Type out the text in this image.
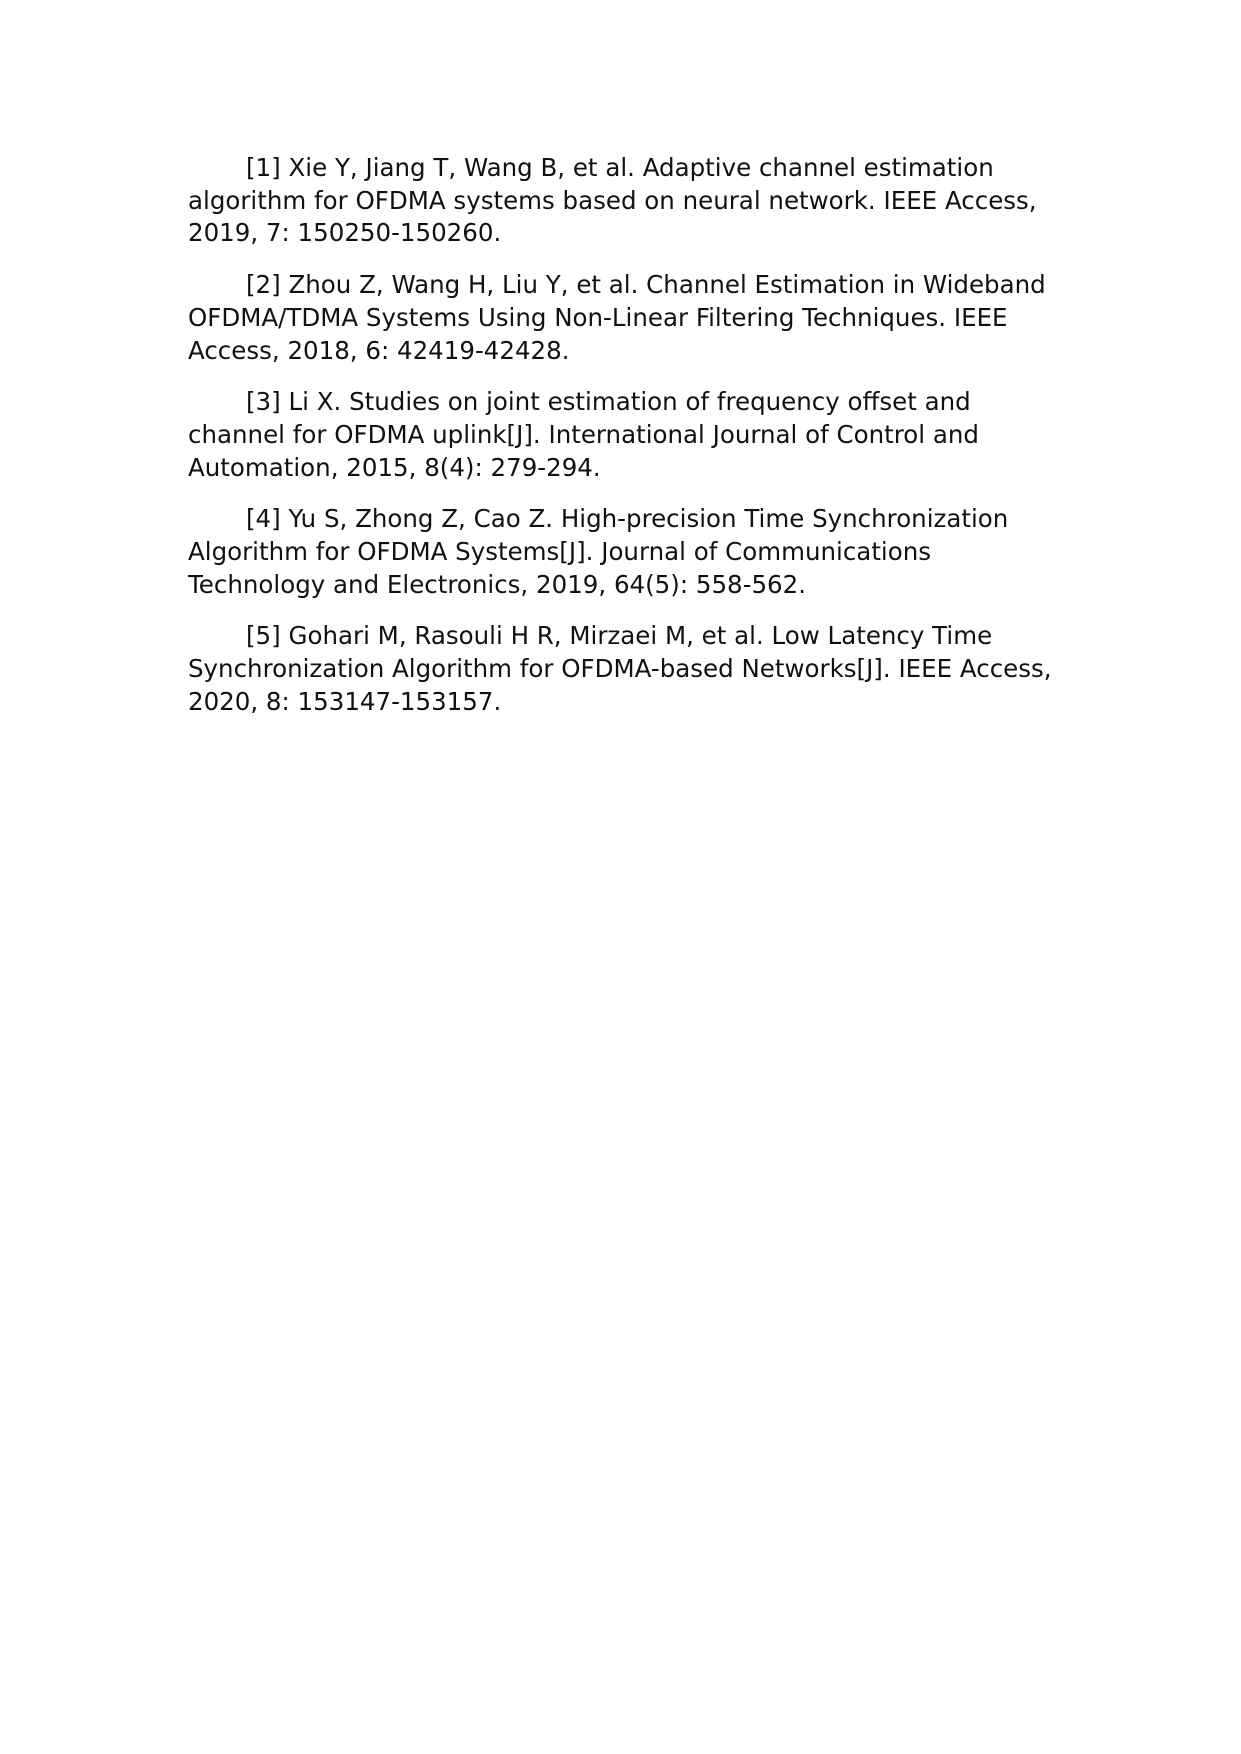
[1] Xie Y, Jiang T, Wang B, et al. Adaptive channel estimation algorithm for OFDMA systems based on neural network. IEEE Access, 2019, 7: 150250-150260.

[2] Zhou Z, Wang H, Liu Y, et al. Channel Estimation in Wideband OFDMA/TDMA Systems Using Non-Linear Filtering Techniques. IEEE Access, 2018, 6: 42419-42428.

[3] Li X. Studies on joint estimation of frequency offset and channel for OFDMA uplink[J]. International Journal of Control and Automation, 2015, 8(4): 279-294.

[4] Yu S, Zhong Z, Cao Z. High-precision Time Synchronization Algorithm for OFDMA Systems[J]. Journal of Communications Technology and Electronics, 2019, 64(5): 558-562.

[5] Gohari M, Rasouli H R, Mirzaei M, et al. Low Latency Time Synchronization Algorithm for OFDMA-based Networks[J]. IEEE Access, 2020, 8: 153147-153157.
